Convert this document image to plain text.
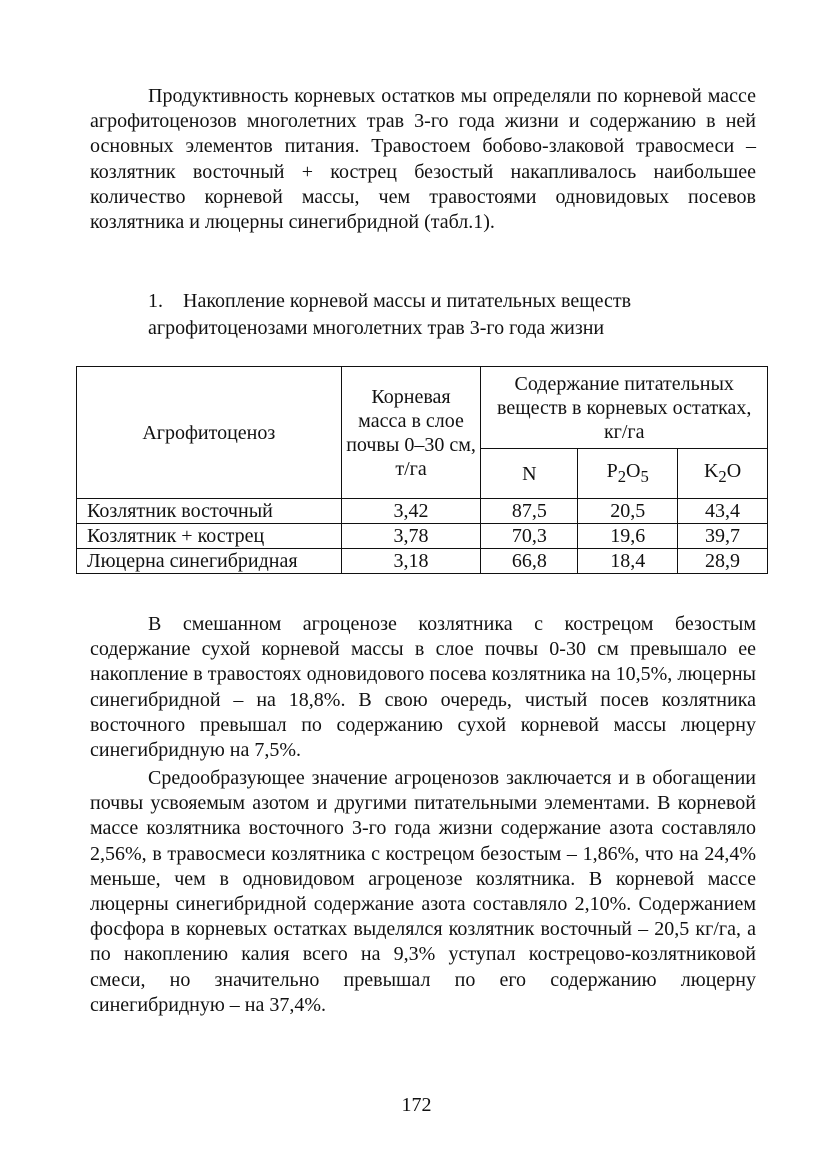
Продуктивность корневых остатков мы определяли по корневой массе агрофитоценозов многолетних трав 3-го года жизни и содержанию в ней основных элементов питания. Травостоем бобово-злаковой травосмеси – козлятник восточный + кострец безостый накапливалось наибольшее количество корневой массы, чем травостоями одновидовых посевов козлятника и люцерны синегибридной (табл.1).

1. Накопление корневой массы и питательных веществ
агрофитоценозами многолетних трав 3-го года жизни
Агрофитоценоз	Корневая масса в слое почвы 0–30 см, т/га	Содержание питательных веществ в корневых остатках, кг/га		
		N	$P_2O_5$	$K_2O$
Козлятник восточный	3,42	87,5	20,5	43,4
Козлятник + кострец	3,78	70,3	19,6	39,7
Люцерна синегибридная	3,18	66,8	18,4	28,9

В смешанном агроценозе козлятника с кострецом безостым содержание сухой корневой массы в слое почвы 0-30 см превышало ее накопление в травостоях одновидового посева козлятника на 10,5%, люцерны синегибридной – на 18,8%. В свою очередь, чистый посев козлятника восточного превышал по содержанию сухой корневой массы люцерну синегибридную на 7,5%.

Средообразующее значение агроценозов заключается и в обогащении почвы усвояемым азотом и другими питательными элементами. В корневой массе козлятника восточного 3-го года жизни содержание азота составляло 2,56%, в травосмеси козлятника с кострецом безостым – 1,86%, что на 24,4% меньше, чем в одновидовом агроценозе козлятника. В корневой массе люцерны синегибридной содержание азота составляло 2,10%. Содержанием фосфора в корневых остатках выделялся козлятник восточный – 20,5 кг/га, а по накоплению калия всего на 9,3% уступал кострецово-козлятниковой смеси, но значительно превышал по его содержанию люцерну синегибридную – на 37,4%.

172
